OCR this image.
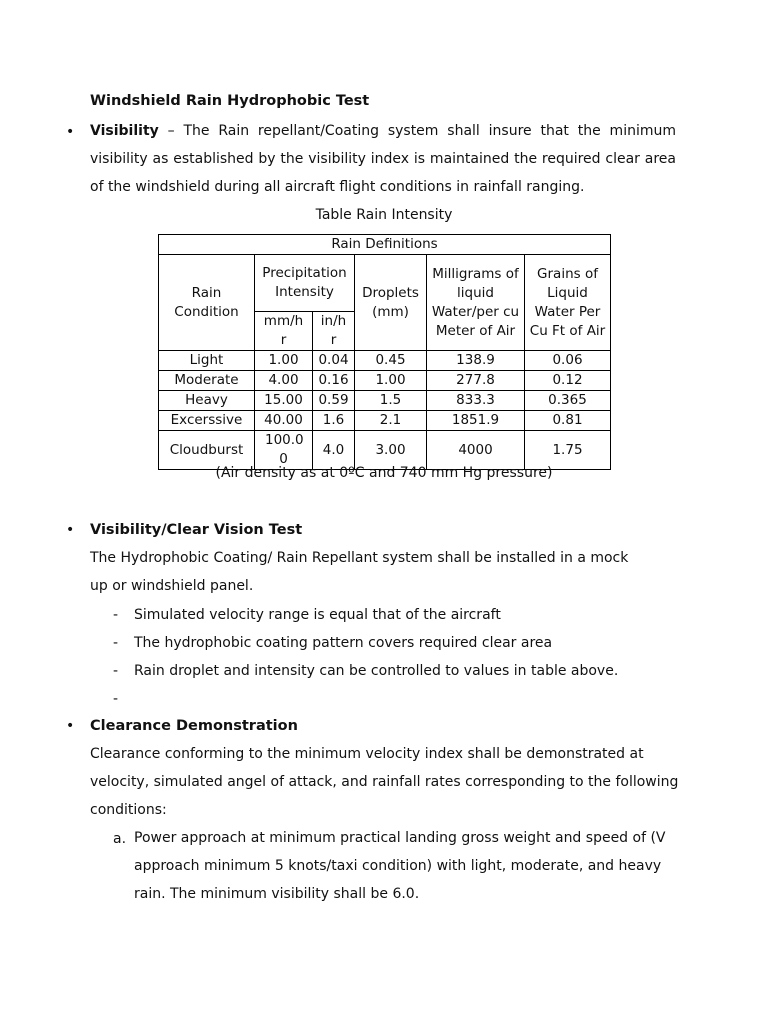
Windshield Rain Hydrophobic Test
• Visibility – The Rain repellant/Coating system shall insure that the minimum visibility as established by the visibility index is maintained the required clear area of the windshield during all aircraft flight conditions in rainfall ranging.
Table Rain Intensity
Rain Definitions					
Rain Condition	Precipitation Intensity		Droplets (mm)	Milligrams of liquid Water/per cu Meter of Air	Grains of Liquid Water Per Cu Ft of Air
	mm/h r	in/h r			
Light	1.00	0.04	0.45	138.9	0.06
Moderate	4.00	0.16	1.00	277.8	0.12
Heavy	15.00	0.59	1.5	833.3	0.365
Excerssive	40.00	1.6	2.1	1851.9	0.81
Cloudburst	100.0 0	4.0	3.00	4000	1.75
(Air density as at 0ºC and 740 mm Hg pressure)
• Visibility/Clear Vision Test
The Hydrophobic Coating/ Rain Repellant system shall be installed in a mock up or windshield panel.
- Simulated velocity range is equal that of the aircraft
- The hydrophobic coating pattern covers required clear area
- Rain droplet and intensity can be controlled to values in table above.
-
• Clearance Demonstration
Clearance conforming to the minimum velocity index shall be demonstrated at velocity, simulated angel of attack, and rainfall rates corresponding to the following conditions:
a. Power approach at minimum practical landing gross weight and speed of (V approach minimum 5 knots/taxi condition) with light, moderate, and heavy rain. The minimum visibility shall be 6.0.
